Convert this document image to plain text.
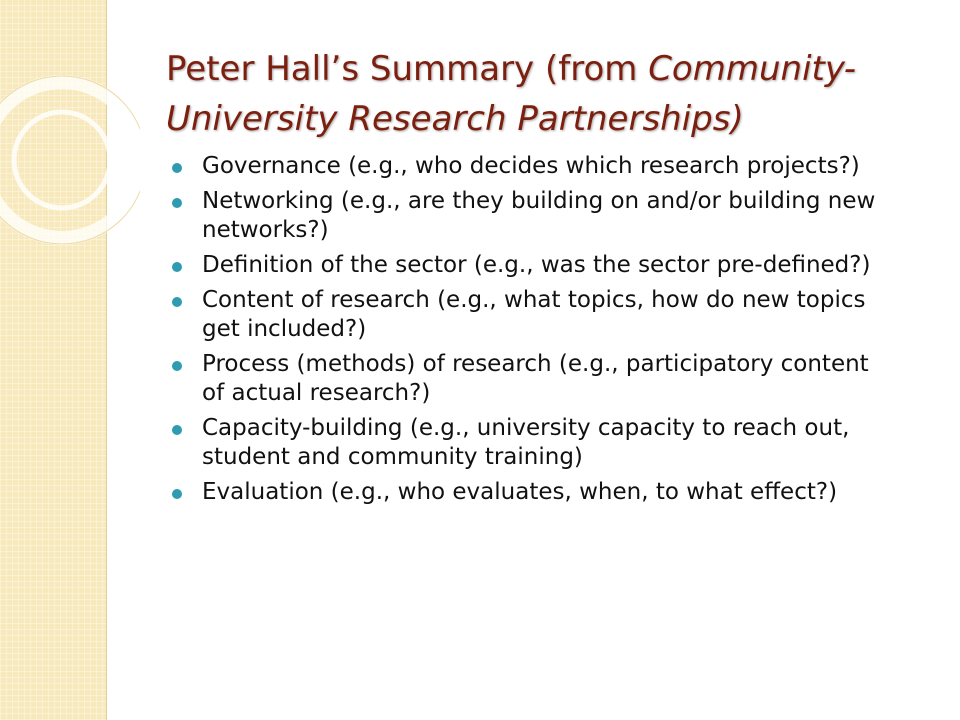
Peter Hall’s Summary (from Community-University Research Partnerships)
Governance (e.g., who decides which research projects?)
Networking (e.g., are they building on and/or building new networks?)
Definition of the sector (e.g., was the sector pre-defined?)
Content of research (e.g., what topics, how do new topics get included?)
Process (methods) of research (e.g., participatory content of actual research?)
Capacity-building (e.g., university capacity to reach out, student and community training)
Evaluation (e.g., who evaluates, when, to what effect?)
